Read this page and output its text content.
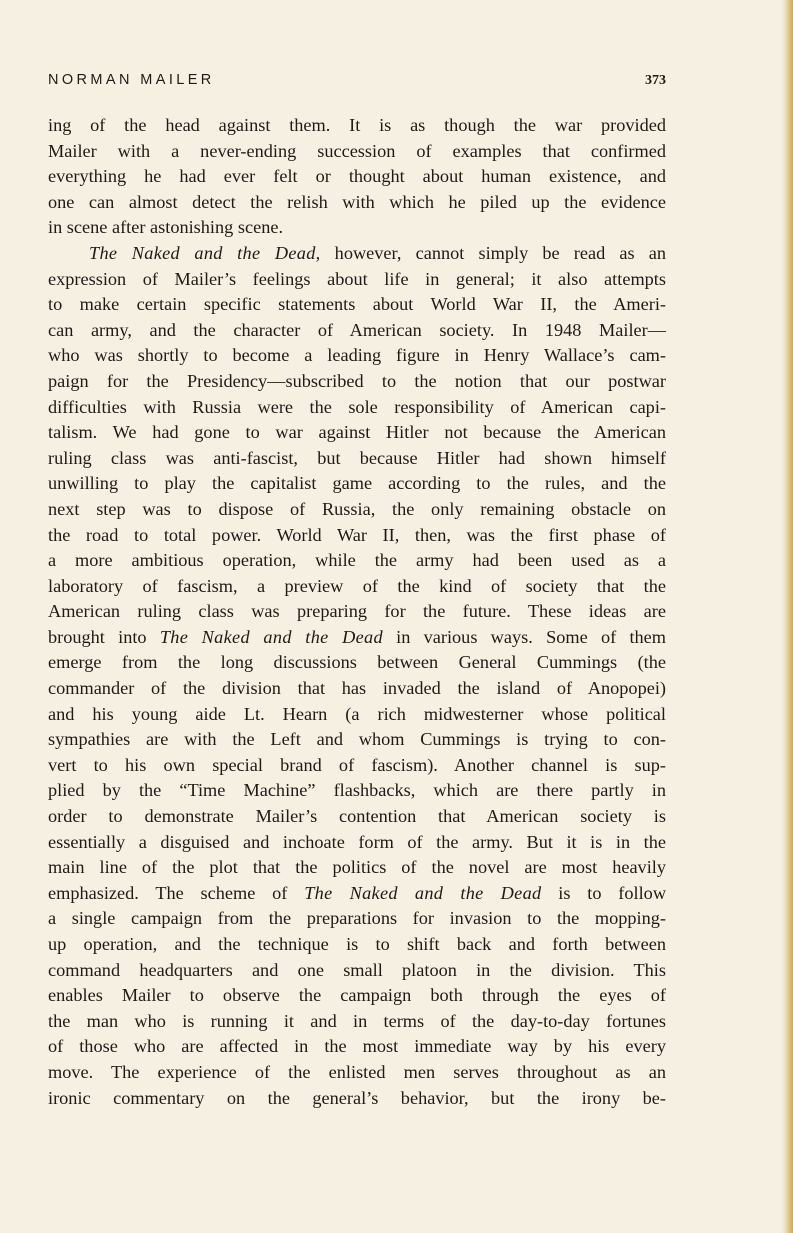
NORMAN MAILER	373
ing of the head against them. It is as though the war provided
Mailer with a never-ending succession of examples that confirmed
everything he had ever felt or thought about human existence, and
one can almost detect the relish with which he piled up the evidence
in scene after astonishing scene.
The Naked and the Dead, however, cannot simply be read as an
expression of Mailer’s feelings about life in general; it also attempts
to make certain specific statements about World War II, the Ameri-
can army, and the character of American society. In 1948 Mailer—
who was shortly to become a leading figure in Henry Wallace’s cam-
paign for the Presidency—subscribed to the notion that our postwar
difficulties with Russia were the sole responsibility of American capi-
talism. We had gone to war against Hitler not because the American
ruling class was anti-fascist, but because Hitler had shown himself
unwilling to play the capitalist game according to the rules, and the
next step was to dispose of Russia, the only remaining obstacle on
the road to total power. World War II, then, was the first phase of
a more ambitious operation, while the army had been used as a
laboratory of fascism, a preview of the kind of society that the
American ruling class was preparing for the future. These ideas are
brought into The Naked and the Dead in various ways. Some of them
emerge from the long discussions between General Cummings (the
commander of the division that has invaded the island of Anopopei)
and his young aide Lt. Hearn (a rich midwesterner whose political
sympathies are with the Left and whom Cummings is trying to con-
vert to his own special brand of fascism). Another channel is sup-
plied by the “Time Machine” flashbacks, which are there partly in
order to demonstrate Mailer’s contention that American society is
essentially a disguised and inchoate form of the army. But it is in the
main line of the plot that the politics of the novel are most heavily
emphasized. The scheme of The Naked and the Dead is to follow
a single campaign from the preparations for invasion to the mopping-
up operation, and the technique is to shift back and forth between
command headquarters and one small platoon in the division. This
enables Mailer to observe the campaign both through the eyes of
the man who is running it and in terms of the day-to-day fortunes
of those who are affected in the most immediate way by his every
move. The experience of the enlisted men serves throughout as an
ironic commentary on the general’s behavior, but the irony be-
